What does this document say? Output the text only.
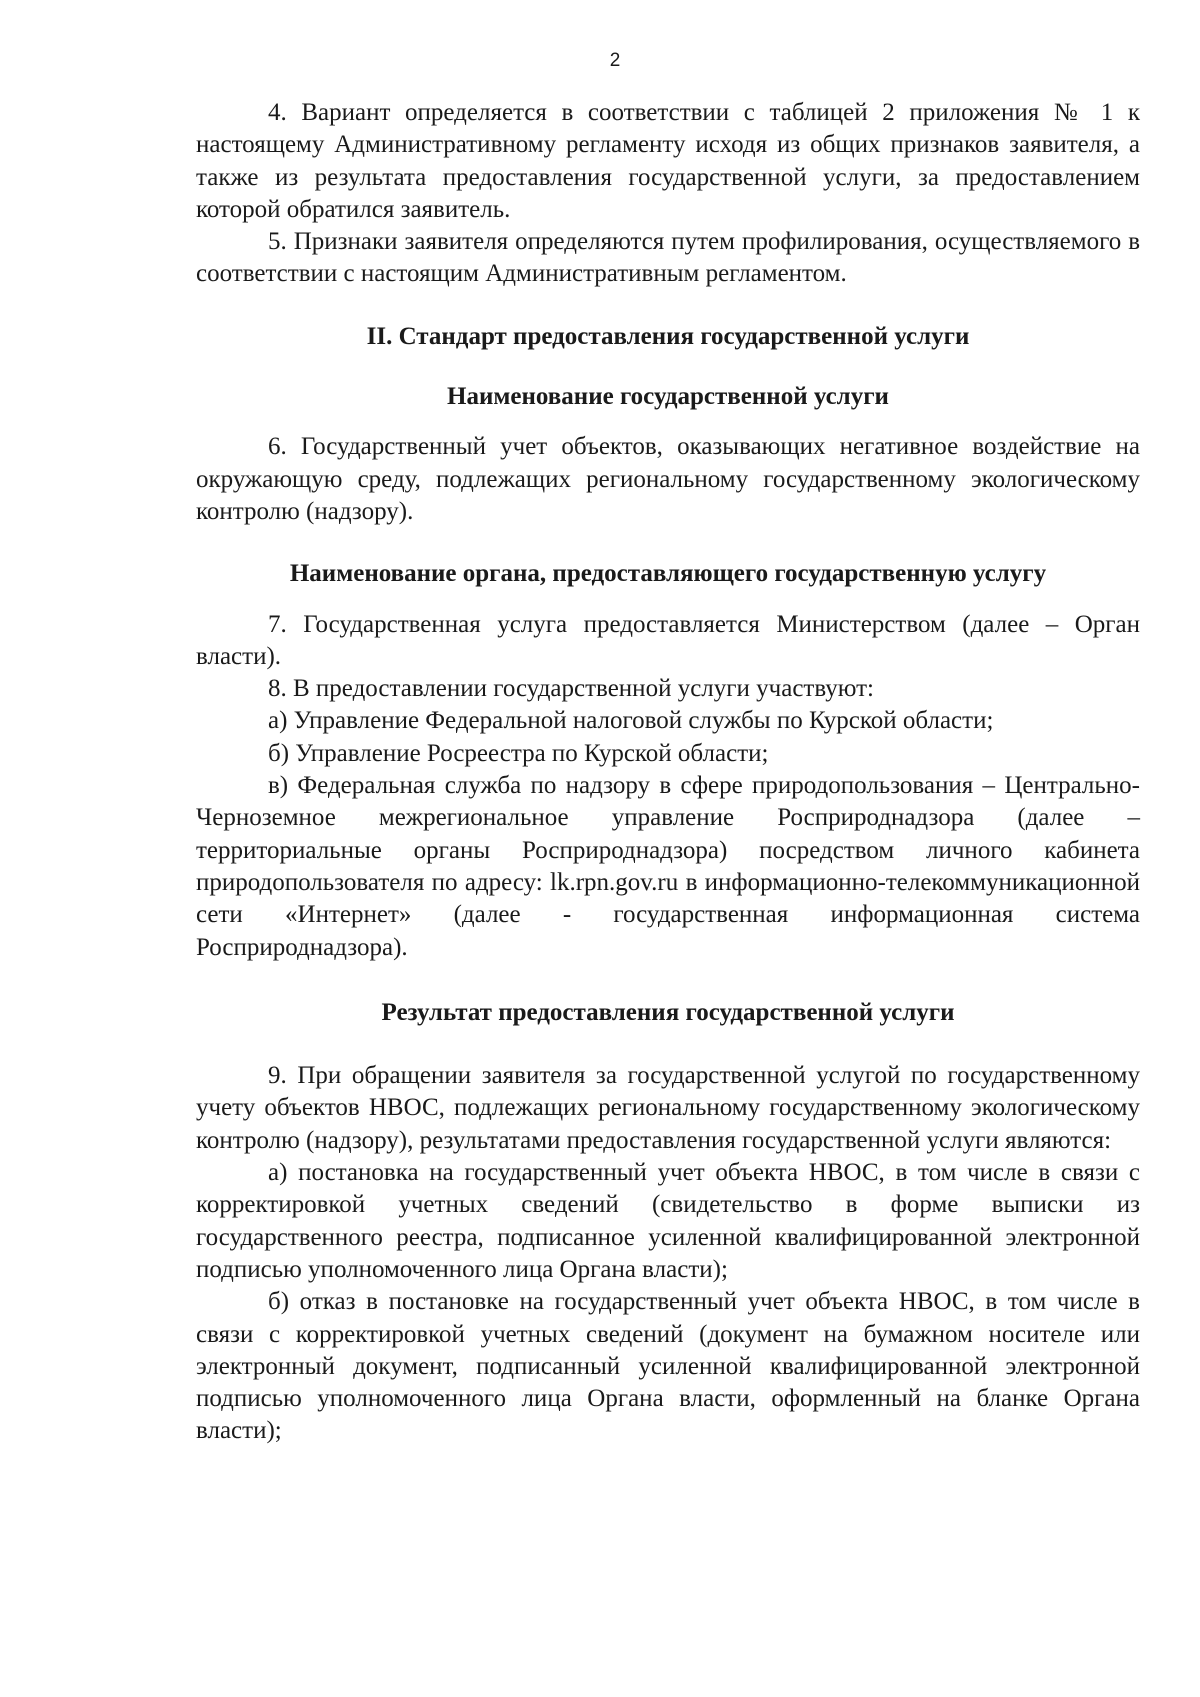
2

4. Вариант определяется в соответствии с таблицей 2 приложения № 1 к настоящему Административному регламенту исходя из общих признаков заявителя, а также из результата предоставления государственной услуги, за предоставлением которой обратился заявитель.

5. Признаки заявителя определяются путем профилирования, осуществляемого в соответствии с настоящим Административным регламентом.

II. Стандарт предоставления государственной услуги

Наименование государственной услуги

6. Государственный учет объектов, оказывающих негативное воздействие на окружающую среду, подлежащих региональному государственному экологическому контролю (надзору).

Наименование органа, предоставляющего государственную услугу

7. Государственная услуга предоставляется Министерством (далее – Орган власти).

8. В предоставлении государственной услуги участвуют:

а) Управление Федеральной налоговой службы по Курской области;

б) Управление Росреестра по Курской области;

в) Федеральная служба по надзору в сфере природопользования – Центрально-Черноземное межрегиональное управление Росприроднадзора (далее – территориальные органы Росприроднадзора) посредством личного кабинета природопользователя по адресу: lk.rpn.gov.ru в информационно-телекоммуникационной сети «Интернет» (далее - государственная информационная система Росприроднадзора).

Результат предоставления государственной услуги

9. При обращении заявителя за государственной услугой по государственному учету объектов НВОС, подлежащих региональному государственному экологическому контролю (надзору), результатами предоставления государственной услуги являются:

а) постановка на государственный учет объекта НВОС, в том числе в связи с корректировкой учетных сведений (свидетельство в форме выписки из государственного реестра, подписанное усиленной квалифицированной электронной подписью уполномоченного лица Органа власти);

б) отказ в постановке на государственный учет объекта НВОС, в том числе в связи с корректировкой учетных сведений (документ на бумажном носителе или электронный документ, подписанный усиленной квалифицированной электронной подписью уполномоченного лица Органа власти, оформленный на бланке Органа власти);
